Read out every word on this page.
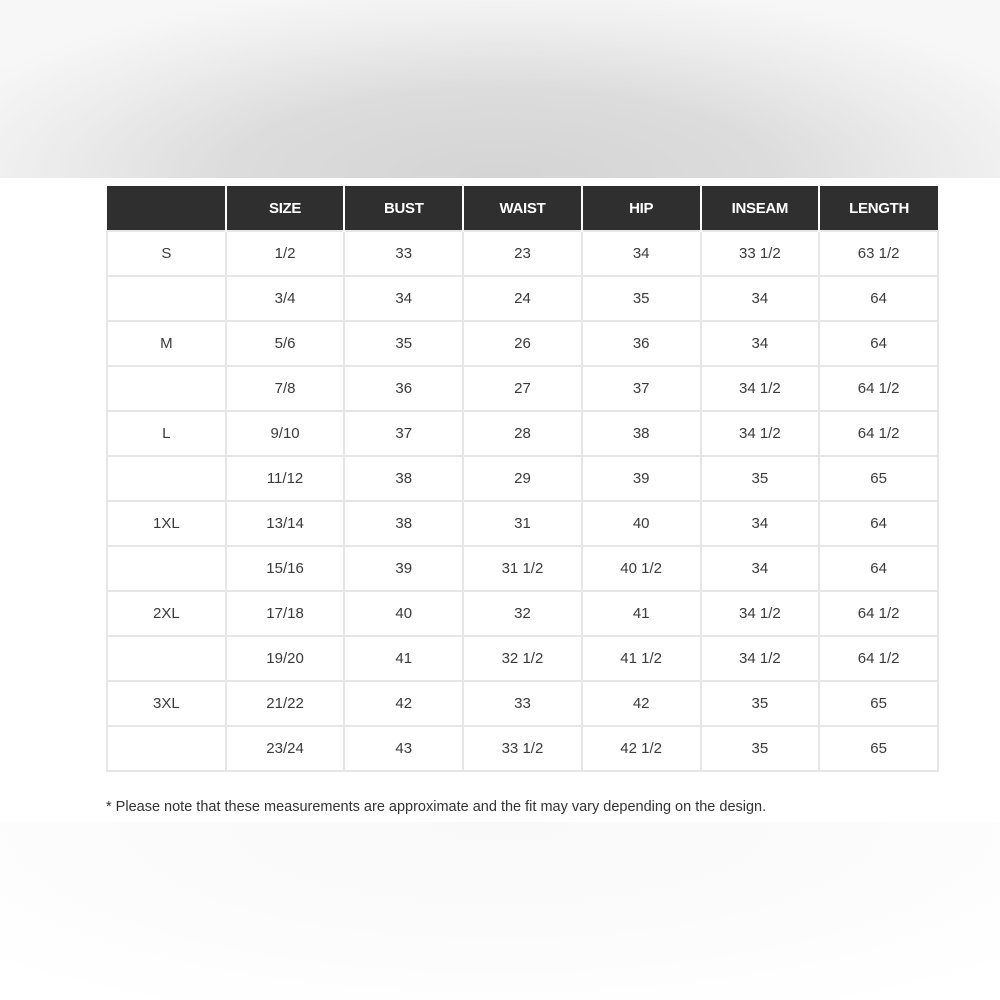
	SIZE	BUST	WAIST	HIP	INSEAM	LENGTH
S	1/2	33	23	34	33 1/2	63 1/2
	3/4	34	24	35	34	64
M	5/6	35	26	36	34	64
	7/8	36	27	37	34 1/2	64 1/2
L	9/10	37	28	38	34 1/2	64 1/2
	11/12	38	29	39	35	65
1XL	13/14	38	31	40	34	64
	15/16	39	31 1/2	40 1/2	34	64
2XL	17/18	40	32	41	34 1/2	64 1/2
	19/20	41	32 1/2	41 1/2	34 1/2	64 1/2
3XL	21/22	42	33	42	35	65
	23/24	43	33 1/2	42 1/2	35	65
* Please note that these measurements are approximate and the fit may vary depending on the design.
